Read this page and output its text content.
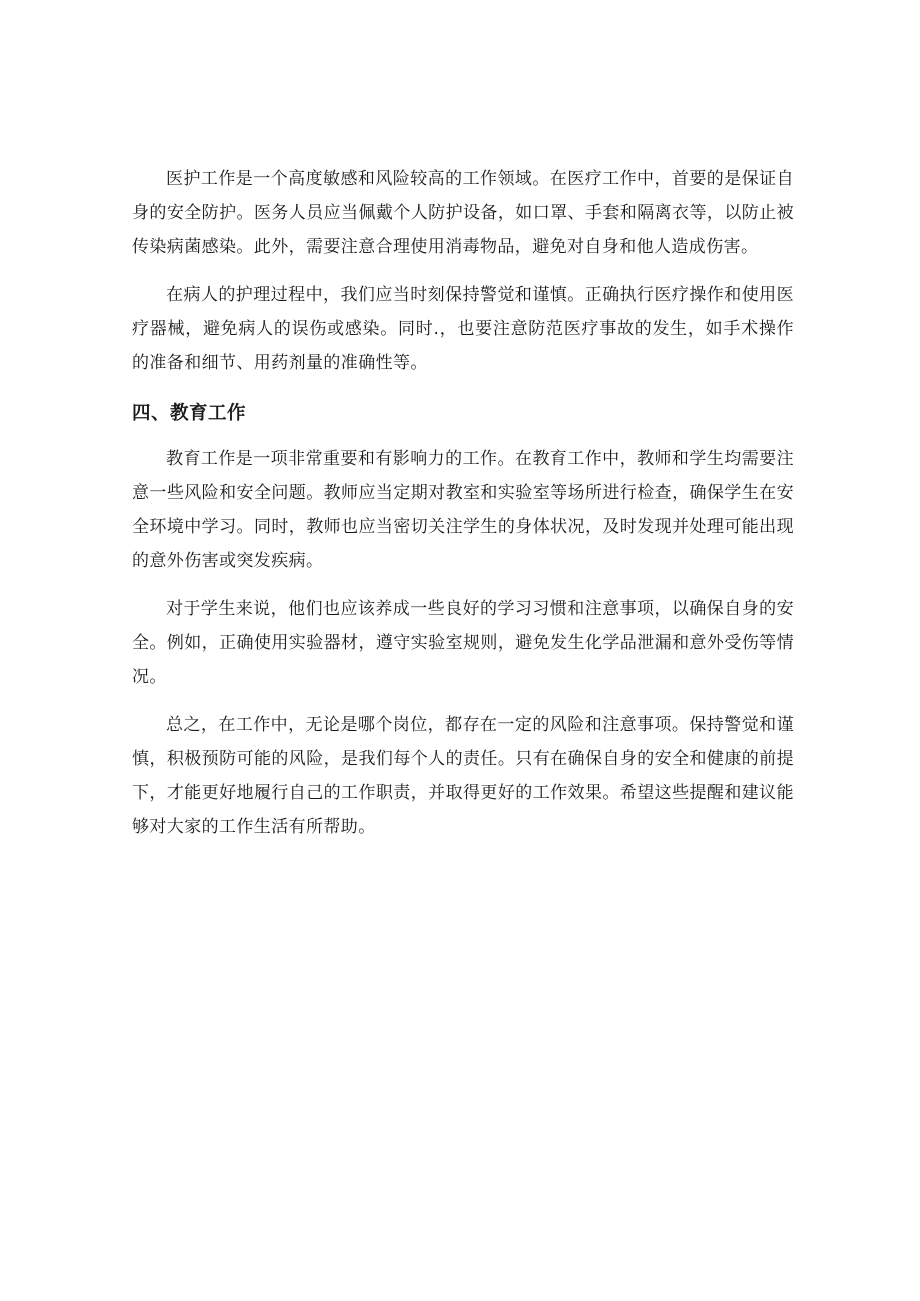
医护工作是一个高度敏感和风险较高的工作领域。在医疗工作中，首要的是保证自身的安全防护。医务人员应当佩戴个人防护设备，如口罩、手套和隔离衣等，以防止被传染病菌感染。此外，需要注意合理使用消毒物品，避免对自身和他人造成伤害。

在病人的护理过程中，我们应当时刻保持警觉和谨慎。正确执行医疗操作和使用医疗器械，避免病人的误伤或感染。同时.，也要注意防范医疗事故的发生，如手术操作的准备和细节、用药剂量的准确性等。

四、教育工作

教育工作是一项非常重要和有影响力的工作。在教育工作中，教师和学生均需要注意一些风险和安全问题。教师应当定期对教室和实验室等场所进行检查，确保学生在安全环境中学习。同时，教师也应当密切关注学生的身体状况，及时发现并处理可能出现的意外伤害或突发疾病。

对于学生来说，他们也应该养成一些良好的学习习惯和注意事项，以确保自身的安全。例如，正确使用实验器材，遵守实验室规则，避免发生化学品泄漏和意外受伤等情况。

总之，在工作中，无论是哪个岗位，都存在一定的风险和注意事项。保持警觉和谨慎，积极预防可能的风险，是我们每个人的责任。只有在确保自身的安全和健康的前提下，才能更好地履行自己的工作职责，并取得更好的工作效果。希望这些提醒和建议能够对大家的工作生活有所帮助。
